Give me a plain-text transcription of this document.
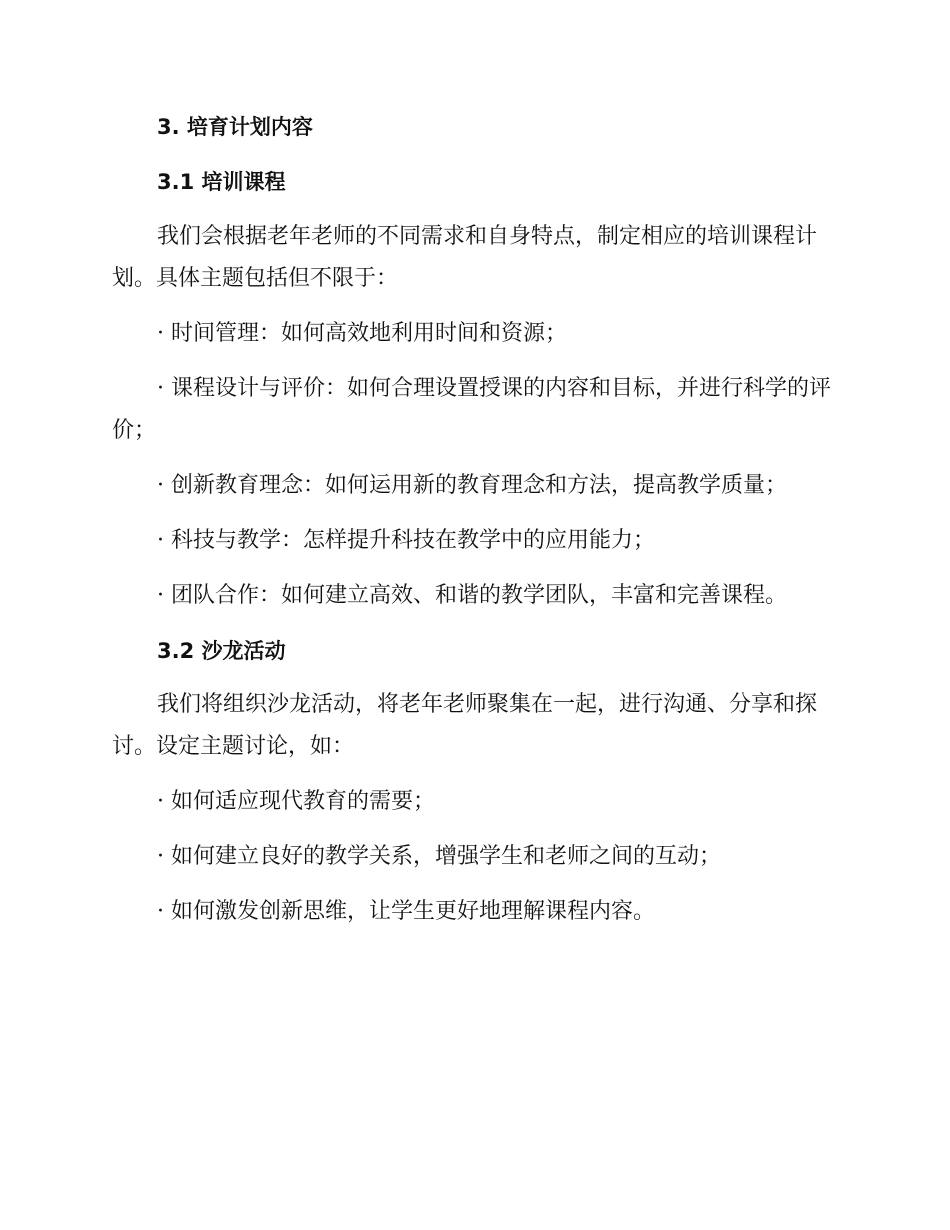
3. 培育计划内容
3.1 培训课程
我们会根据老年老师的不同需求和自身特点，制定相应的培训课程计
划。具体主题包括但不限于：
· 时间管理：如何高效地利用时间和资源；
· 课程设计与评价：如何合理设置授课的内容和目标，并进行科学的评
价；
· 创新教育理念：如何运用新的教育理念和方法，提高教学质量；
· 科技与教学：怎样提升科技在教学中的应用能力；
· 团队合作：如何建立高效、和谐的教学团队，丰富和完善课程。
3.2 沙龙活动
我们将组织沙龙活动，将老年老师聚集在一起，进行沟通、分享和探
讨。设定主题讨论，如：
· 如何适应现代教育的需要；
· 如何建立良好的教学关系，增强学生和老师之间的互动；
· 如何激发创新思维，让学生更好地理解课程内容。
